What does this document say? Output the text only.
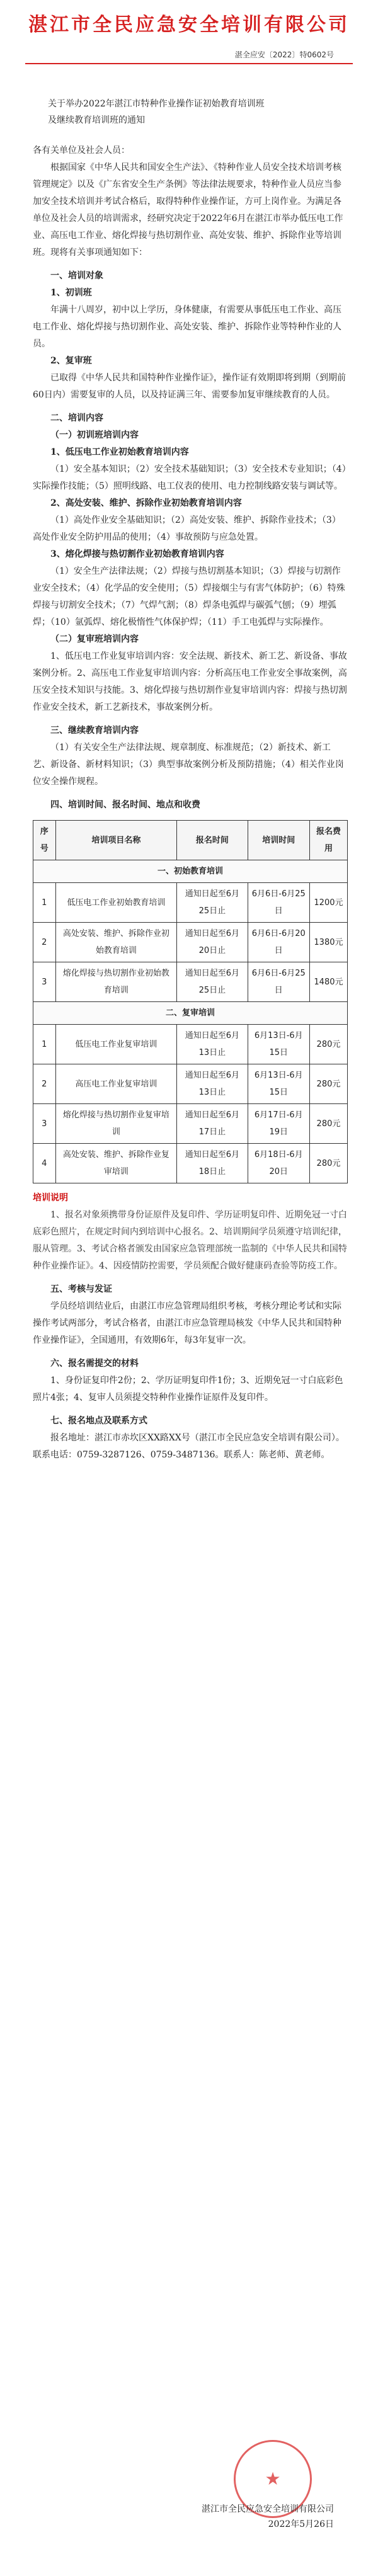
湛江市全民应急安全培训有限公司
湛全应安〔2022〕特0602号
关于举办2022年湛江市特种作业操作证初始教育培训班
及继续教育培训班的通知
各有关单位及社会人员：

根据国家《中华人民共和国安全生产法》、《特种作业人员安全技术培训考核管理规定》以及《广东省安全生产条例》等法律法规要求，特种作业人员应当参加安全技术培训并考试合格后，取得特种作业操作证，方可上岗作业。为满足各单位及社会人员的培训需求，经研究决定于2022年6月在湛江市举办低压电工作业、高压电工作业、熔化焊接与热切割作业、高处安装、维护、拆除作业等培训班。现将有关事项通知如下：

一、培训对象
1、初训班

年满十八周岁，初中以上学历，身体健康，有需要从事低压电工作业、高压电工作业、熔化焊接与热切割作业、高处安装、维护、拆除作业等特种作业的人员。

2、复审班

已取得《中华人民共和国特种作业操作证》，操作证有效期即将到期（到期前60日内）需要复审的人员，以及持证满三年、需要参加复审继续教育的人员。

二、培训内容
（一）初训班培训内容
1、低压电工作业初始教育培训内容

（1）安全基本知识；（2）安全技术基础知识；（3）安全技术专业知识；（4）实际操作技能；（5）照明线路、电工仪表的使用、电力控制线路安装与调试等。

2、高处安装、维护、拆除作业初始教育培训内容

（1）高处作业安全基础知识；（2）高处安装、维护、拆除作业技术；（3）高处作业安全防护用品的使用；（4）事故预防与应急处置。

3、熔化焊接与热切割作业初始教育培训内容

（1）安全生产法律法规；（2）焊接与热切割基本知识；（3）焊接与切割作业安全技术；（4）化学品的安全使用；（5）焊接烟尘与有害气体防护；（6）特殊焊接与切割安全技术；（7）气焊气割；（8）焊条电弧焊与碳弧气刨；（9）埋弧焊；（10）氩弧焊、熔化极惰性气体保护焊；（11）手工电弧焊与实际操作。

（二）复审班培训内容

1、低压电工作业复审培训内容：安全法规、新技术、新工艺、新设备、事故案例分析。2、高压电工作业复审培训内容：分析高压电工作业安全事故案例，高压安全技术知识与技能。3、熔化焊接与热切割作业复审培训内容：焊接与热切割作业安全技术，新工艺新技术，事故案例分析。

三、继续教育培训内容

（1）有关安全生产法律法规、规章制度、标准规范；（2）新技术、新工艺、新设备、新材料知识；（3）典型事故案例分析及预防措施；（4）相关作业岗位安全操作规程。

四、培训时间、报名时间、地点和收费
序号	培训项目名称	报名时间	培训时间	报名费用
一、初始教育培训				
1	低压电工作业初始教育培训	通知日起至6月25日止	6月6日-6月25日	1200元
2	高处安装、维护、拆除作业初始教育培训	通知日起至6月20日止	6月6日-6月20日	1380元
3	熔化焊接与热切割作业初始教育培训	通知日起至6月25日止	6月6日-6月25日	1480元
二、复审培训				
1	低压电工作业复审培训	通知日起至6月13日止	6月13日-6月15日	280元
2	高压电工作业复审培训	通知日起至6月13日止	6月13日-6月15日	280元
3	熔化焊接与热切割作业复审培训	通知日起至6月17日止	6月17日-6月19日	280元
4	高处安装、维护、拆除作业复审培训	通知日起至6月18日止	6月18日-6月20日	280元
培训说明

1、报名对象须携带身份证原件及复印件、学历证明复印件、近期免冠一寸白底彩色照片，在规定时间内到培训中心报名。2、培训期间学员须遵守培训纪律，服从管理。3、考试合格者颁发由国家应急管理部统一监制的《中华人民共和国特种作业操作证》。4、因疫情防控需要，学员须配合做好健康码查验等防疫工作。

五、考核与发证

学员经培训结业后，由湛江市应急管理局组织考核，考核分理论考试和实际操作考试两部分，考试合格者，由湛江市应急管理局核发《中华人民共和国特种作业操作证》，全国通用，有效期6年，每3年复审一次。

六、报名需提交的材料

1、身份证复印件2份；2、学历证明复印件1份；3、近期免冠一寸白底彩色照片4张；4、复审人员须提交特种作业操作证原件及复印件。

七、报名地点及联系方式

报名地址：湛江市赤坎区XX路XX号（湛江市全民应急安全培训有限公司）。联系电话：0759-3287126、0759-3487136。联系人：陈老师、黄老师。

★
湛江市全民应急安全培训有限公司
2022年5月26日
